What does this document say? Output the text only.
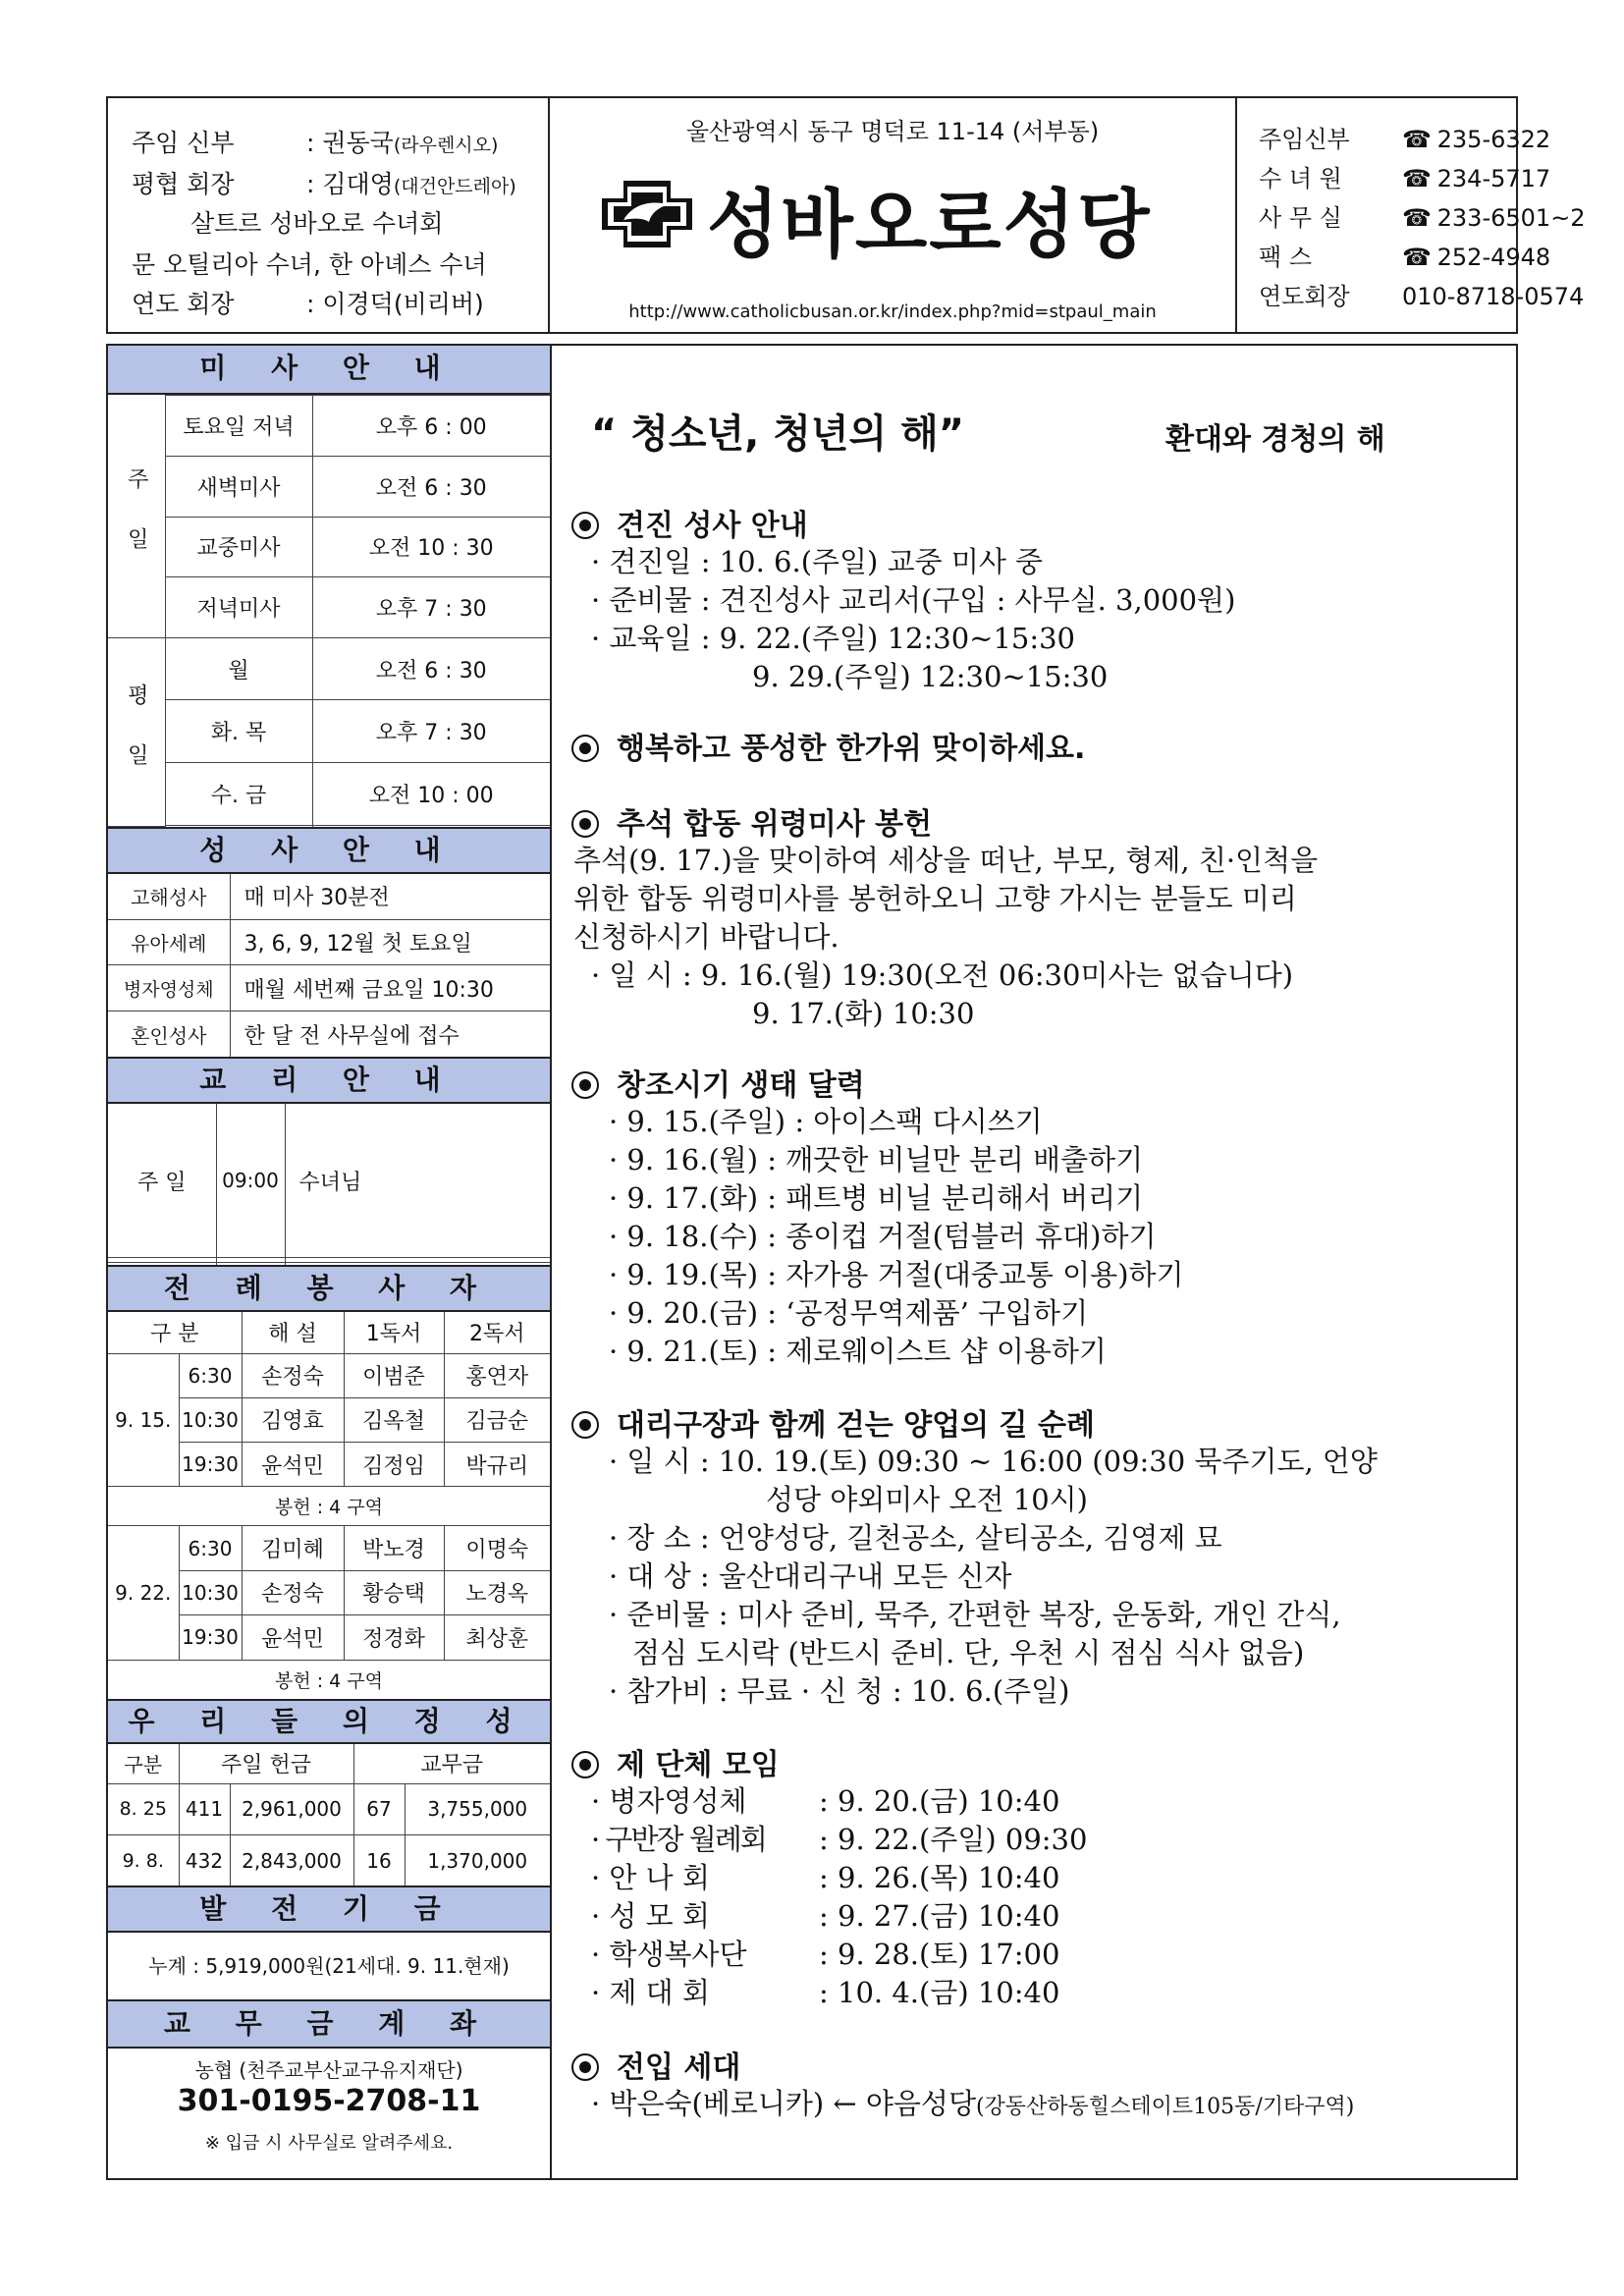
주임 신부	: 권동국(라우렌시오)
평협 회장	: 김대영(대건안드레아)
살트르 성바오로 수녀회
문 오틸리아 수녀, 한 아녜스 수녀
연도 회장	: 이경덕(비리버)
울산광역시 동구 명덕로 11-14 (서부동)
성바오로성당
http://www.catholicbusan.or.kr/index.php?mid=stpaul_main
주임신부 ☎ 235-6322
수 녀 원	☎ 234-5717
사 무 실	☎ 233-6501~2
팩 스	☎ 252-4948
연도회장 010-8718-0574
미 사 안 내
주 일		
	토요일 저녁	오후 6 : 00
	새벽미사	오전 6 : 30
	교중미사	오전 10 : 30
	저녁미사	오후 7 : 30
평 일	월	오전 6 : 30
	화. 목	오후 7 : 30
	수. 금	오전 10 : 00

성 사 안 내
고해성사	매 미사 30분전
유아세례	3, 6, 9, 12월 첫 토요일
병자영성체	매월 세번째 금요일 10:30
혼인성사	한 달 전 사무실에 접수
교 리 안 내
주 일	09:00	수녀님

전 례 봉 사 자
구 분		해 설	1독서	2독서
9. 15.	6:30	손정숙	이범준	홍연자
	10:30	김영효	김옥철	김금순
	19:30	윤석민	김정임	박규리
봉헌 : 4 구역				
9. 22.	6:30	김미혜	박노경	이명숙
	10:30	손정숙	황승택	노경옥
	19:30	윤석민	정경화	최상훈
봉헌 : 4 구역				
우 리 들 의 정 성
구분	주일 헌금		교무금	
8. 25	411	2,961,000	67	3,755,000
9. 8.	432	2,843,000	16	1,370,000
발 전 기 금
누계 : 5,919,000원(21세대. 9. 11.현재)
교 무 금 계 좌
농협 (천주교부산교구유지재단)
301-0195-2708-11
※ 입금 시 사무실로 알려주세요.
“ 청소년, 청년의 해”	환대와 경청의 해
견진 성사 안내
· 견진일 : 10. 6.(주일) 교중 미사 중
· 준비물 : 견진성사 교리서(구입 : 사무실. 3,000원)
· 교육일 : 9. 22.(주일) 12:30~15:30
9. 29.(주일) 12:30~15:30
행복하고 풍성한 한가위 맞이하세요.
추석 합동 위령미사 봉헌
추석(9. 17.)을 맞이하여 세상을 떠난, 부모, 형제, 친·인척을
위한 합동 위령미사를 봉헌하오니 고향 가시는 분들도 미리
신청하시기 바랍니다.
· 일 시 : 9. 16.(월) 19:30(오전 06:30미사는 없습니다)
9. 17.(화) 10:30
창조시기 생태 달력
· 9. 15.(주일) : 아이스팩 다시쓰기
· 9. 16.(월) : 깨끗한 비닐만 분리 배출하기
· 9. 17.(화) : 패트병 비닐 분리해서 버리기
· 9. 18.(수) : 종이컵 거절(텀블러 휴대)하기
· 9. 19.(목) : 자가용 거절(대중교통 이용)하기
· 9. 20.(금) : ‘공정무역제품’ 구입하기
· 9. 21.(토) : 제로웨이스트 샵 이용하기
대리구장과 함께 걷는 양업의 길 순례
· 일 시 : 10. 19.(토) 09:30 ~ 16:00 (09:30 묵주기도, 언양
성당 야외미사 오전 10시)
· 장 소 : 언양성당, 길천공소, 살티공소, 김영제 묘
· 대 상 : 울산대리구내 모든 신자
· 준비물 : 미사 준비, 묵주, 간편한 복장, 운동화, 개인 간식,
점심 도시락 (반드시 준비. 단, 우천 시 점심 식사 없음)
· 참가비 : 무료 · 신 청 : 10. 6.(주일)
제 단체 모임
· 병자영성체	: 9. 20.(금) 10:40
· 구반장 월례회 : 9. 22.(주일) 09:30
· 안 나 회	: 9. 26.(목) 10:40
· 성 모 회	: 9. 27.(금) 10:40
· 학생복사단	: 9. 28.(토) 17:00
· 제 대 회	: 10. 4.(금) 10:40
전입 세대
· 박은숙(베로니카) ← 야음성당(강동산하동힐스테이트105동/기타구역)
